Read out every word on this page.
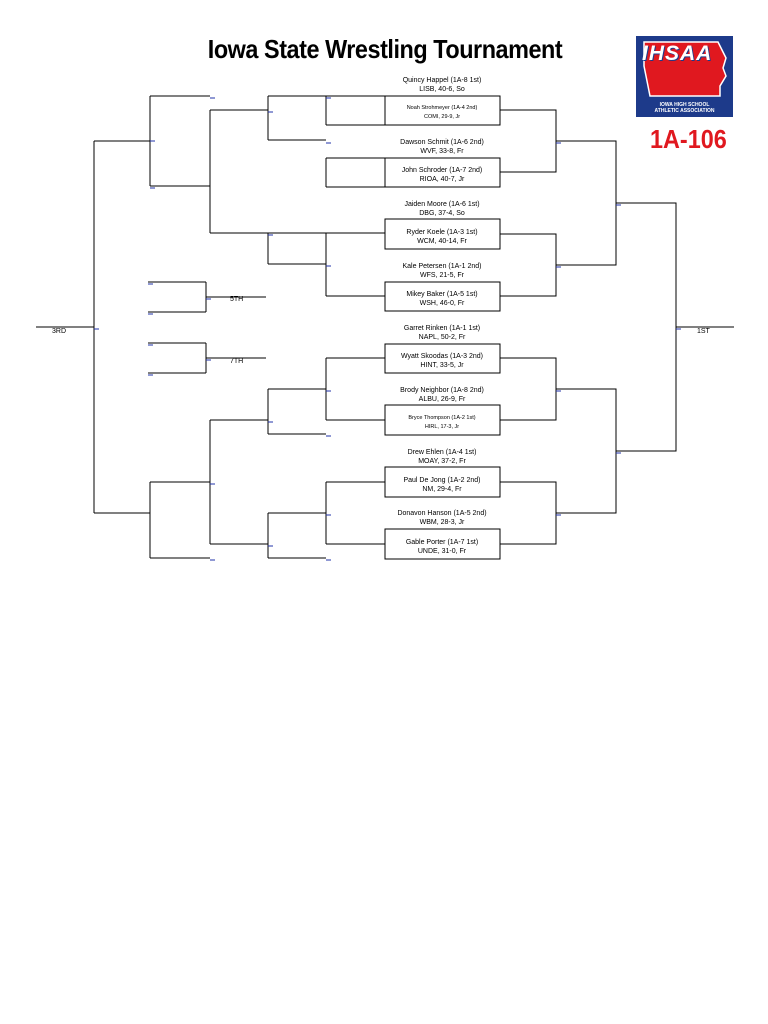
Iowa State Wrestling Tournament	IHSAA
IOWA HIGH SCHOOL
ATHLETIC ASSOCIATION
1A-106
Quincy Happel (1A-8 1st)
LISB, 40-6, So
Noah Strohmeyer (1A-4 2nd)
COMI, 29-9, Jr
Dawson Schmit (1A-6 2nd)
WVF, 33-8, Fr
John Schroder (1A-7 2nd)
RIOA, 40-7, Jr
Jaiden Moore (1A-6 1st)
DBG, 37-4, So
Ryder Koele (1A-3 1st)
WCM, 40-14, Fr
Kale Petersen (1A-1 2nd)
WFS, 21-5, Fr
Mikey Baker (1A-5 1st)
WSH, 46-0, Fr
Garret Rinken (1A-1 1st)
NAPL, 50-2, Fr
Wyatt Skoodas (1A-3 2nd)
HINT, 33-5, Jr
Brody Neighbor (1A-8 2nd)
ALBU, 26-9, Fr
Bryce Thompson (1A-2 1st)
HIRL, 17-3, Jr
Drew Ehlen (1A-4 1st)
MOAY, 37-2, Fr
Paul De Jong (1A-2 2nd)
NM, 29-4, Fr
Donavon Hanson (1A-5 2nd)
WBM, 28-3, Jr
Gable Porter (1A-7 1st)
UNDE, 31-0, Fr
3RD
5TH
7TH
1ST
